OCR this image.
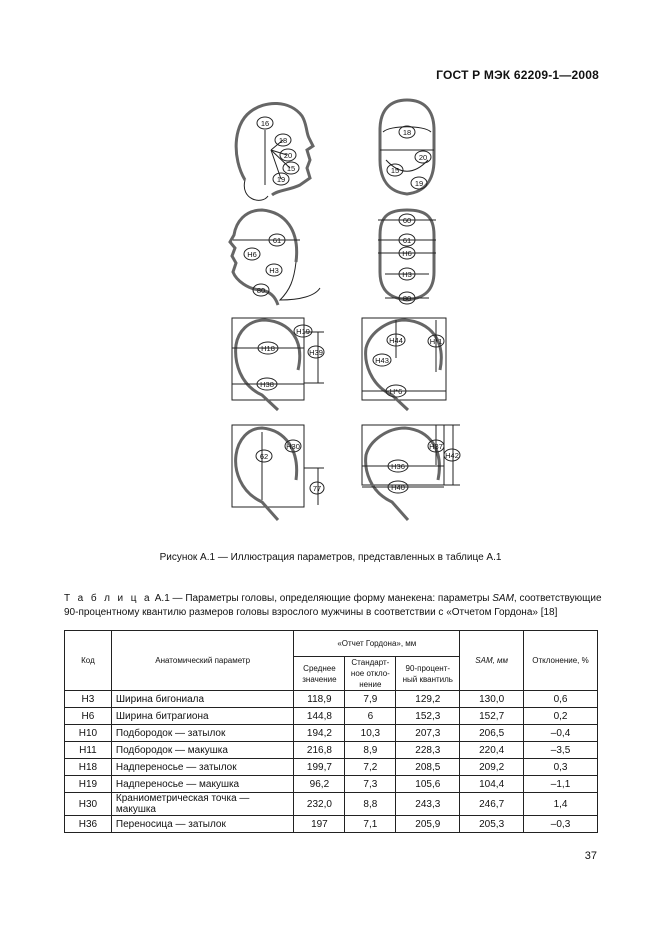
ГОСТ Р МЭК 62209-1—2008
16
18
20
15
19
18
20
15
19
61
H6
H3
80
60
61
H6
H3
80
H19
H18	H39
H38
H44	H*1
H43
H*6
H30
62
77
H37
H42
H36
H40
Рисунок А.1 — Иллюстрация параметров, представленных в таблице А.1
Т а б л и ц а А.1 — Параметры головы, определяющие форму манекена: параметры SAM, соответствующие 90-процентному квантилю размеров головы взрослого мужчины в соответствии с «Отчетом Гордона» [18]
Код	Анатомический параметр	«Отчет Гордона», мм			SAM, мм	Отклонение, %
		Среднее значение	Стандарт-ное откло-нение	90-процент-ный квантиль		
H3	Ширина бигониала	118,9	7,9	129,2	130,0	0,6
H6	Ширина битрагиона	144,8	6	152,3	152,7	0,2
H10	Подбородок — затылок	194,2	10,3	207,3	206,5	–0,4
H11	Подбородок — макушка	216,8	8,9	228,3	220,4	–3,5
H18	Надпереносье — затылок	199,7	7,2	208,5	209,2	0,3
H19	Надпереносье — макушка	96,2	7,3	105,6	104,4	–1,1
H30	Краниометрическая точка — макушка	232,0	8,8	243,3	246,7	1,4
H36	Переносица — затылок	197	7,1	205,9	205,3	–0,3
37
